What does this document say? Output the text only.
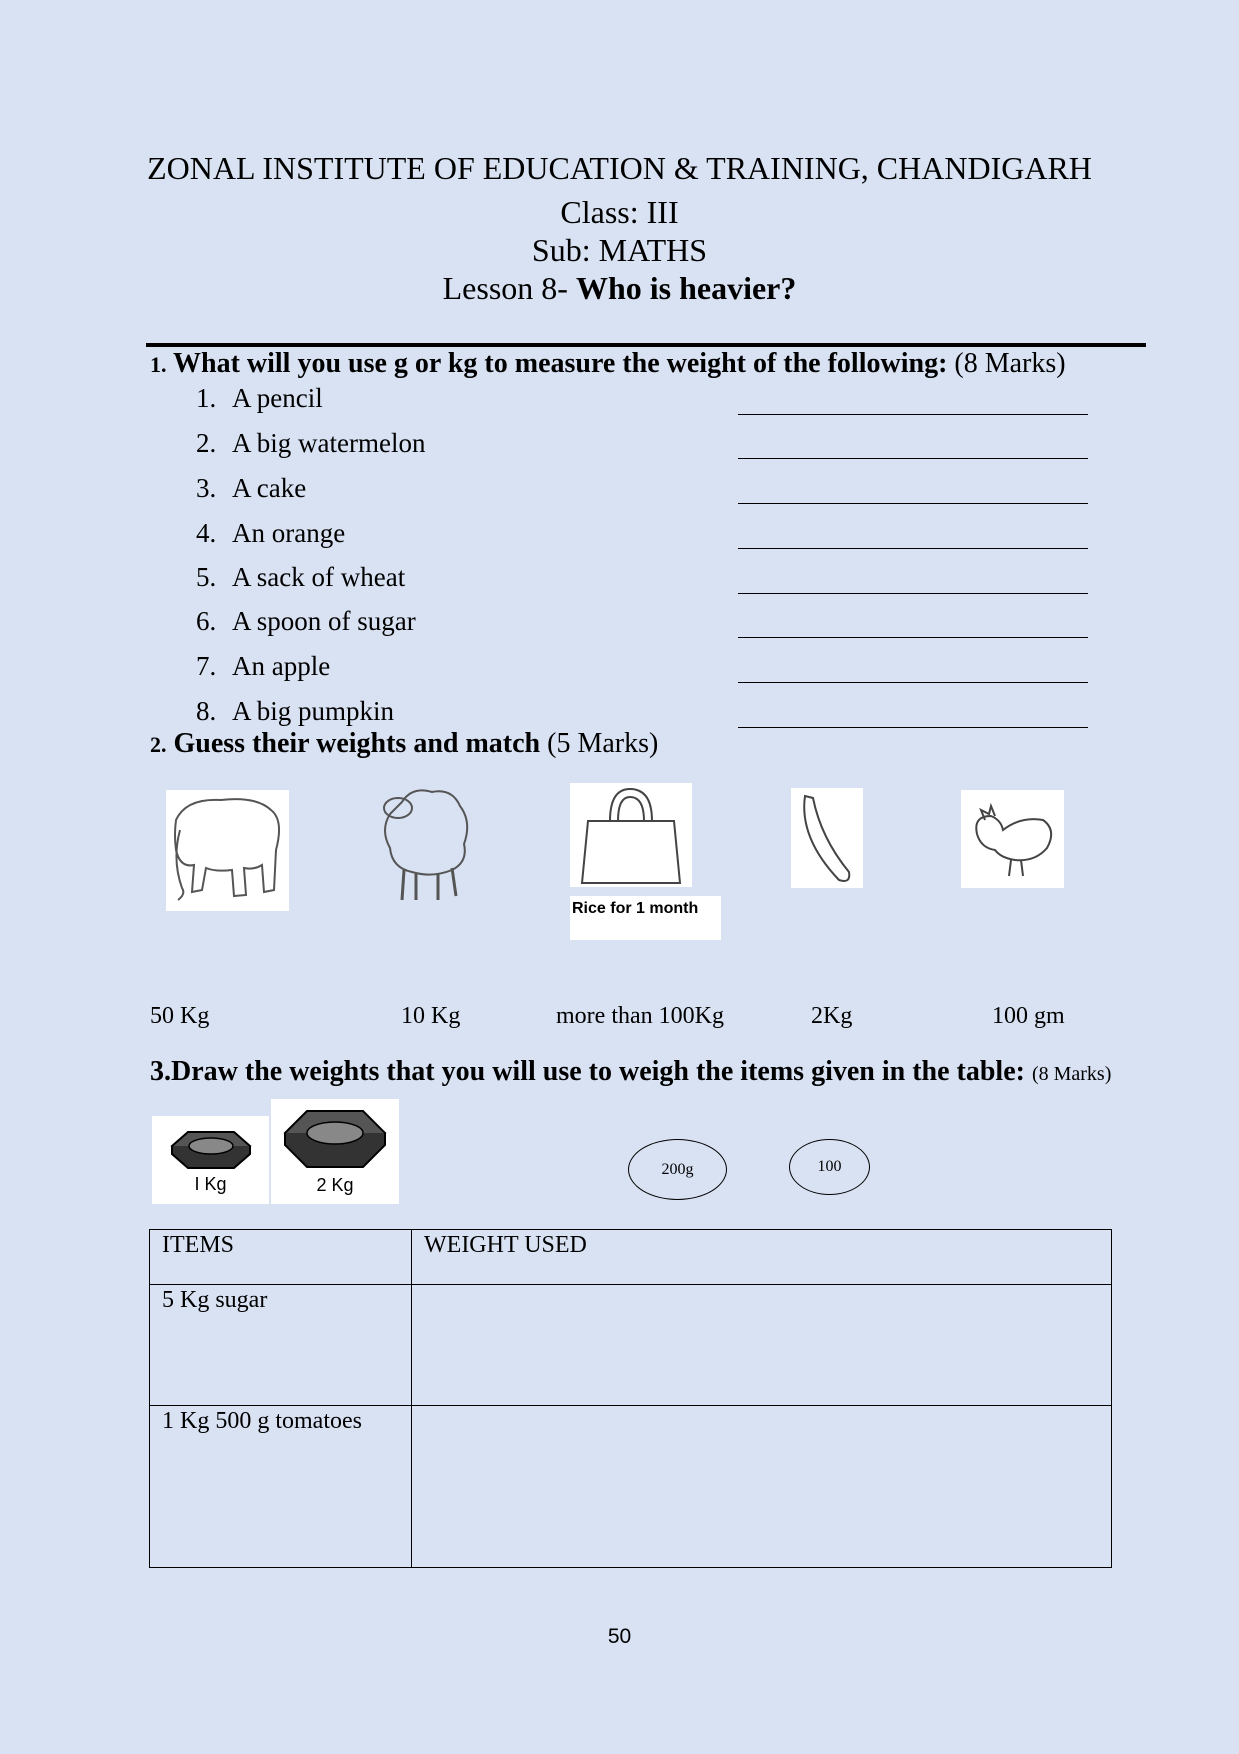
ZONAL INSTITUTE OF EDUCATION & TRAINING, CHANDIGARH
Class: III
Sub: MATHS
Lesson 8- Who is heavier?
1. What will you use g or kg to measure the weight of the following: (8 Marks)
1. A pencil
2. A big watermelon
3. A cake
4. An orange
5. A sack of wheat
6. A spoon of sugar
7. An apple
8. A big pumpkin
2. Guess their weights and match (5 Marks)
Rice for 1 month
50 Kg	10 Kg	more than 100Kg	2Kg	100 gm
3.Draw the weights that you will use to weigh the items given in the table: (8 Marks)
I Kg	2 Kg
200g	100
ITEMS	WEIGHT USED
5 Kg sugar	
1 Kg 500 g tomatoes	
50
